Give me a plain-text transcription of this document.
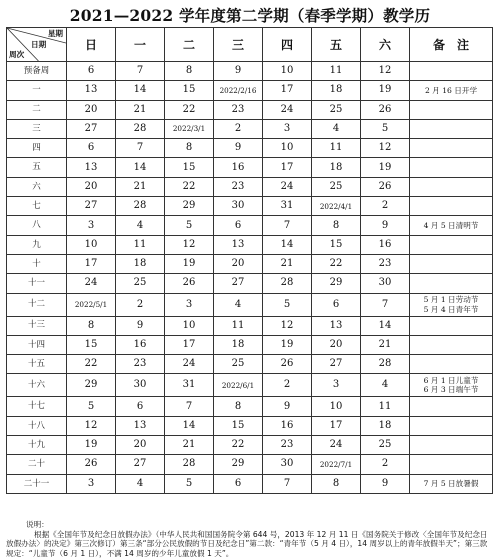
2021—2022 学年度第二学期（春季学期）教学历
星期
日期
周次	日	一	二	三	四	五	六	备　注
预备周	6	7	8	9	10	11	12	
一	13	14	15	2022/2/16	17	18	19	2 月 16 日开学

二	20	21	22	23	24	25	26	
三	27	28	2022/3/1	2	3	4	5	
四	6	7	8	9	10	11	12	
五	13	14	15	16	17	18	19	
六	20	21	22	23	24	25	26	
七	27	28	29	30	31	2022/4/1	2	
八	3	4	5	6	7	8	9	4 月 5 日清明节

九	10	11	12	13	14	15	16	
十	17	18	19	20	21	22	23	
十一	24	25	26	27	28	29	30	
十二	2022/5/1	2	3	4	5	6	7	5 月 1 日劳动节
5 月 4 日青年节

十三	8	9	10	11	12	13	14	
十四	15	16	17	18	19	20	21	
十五	22	23	24	25	26	27	28	
十六	29	30	31	2022/6/1	2	3	4	6 月 1 日儿童节
6 月 3 日端午节

十七	5	6	7	8	9	10	11	
十八	12	13	14	15	16	17	18	
十九	19	20	21	22	23	24	25	
二十	26	27	28	29	30	2022/7/1	2	
二十一	3	4	5	6	7	8	9	7 月 5 日放暑假
说明：
根据《全国年节及纪念日放假办法》（中华人民共和国国务院令第 644 号，2013 年 12 月 11 日《国务院关于修改〈全国年节及纪念日放假办法〉的决定》第三次修订）第三条“部分公民放假的节日及纪念日”第二款：“青年节（5 月 4 日），14 周岁以上的青年放假半天”；第三款规定：“儿童节（6 月 1 日），不满 14 周岁的少年儿童放假 1 天”。
